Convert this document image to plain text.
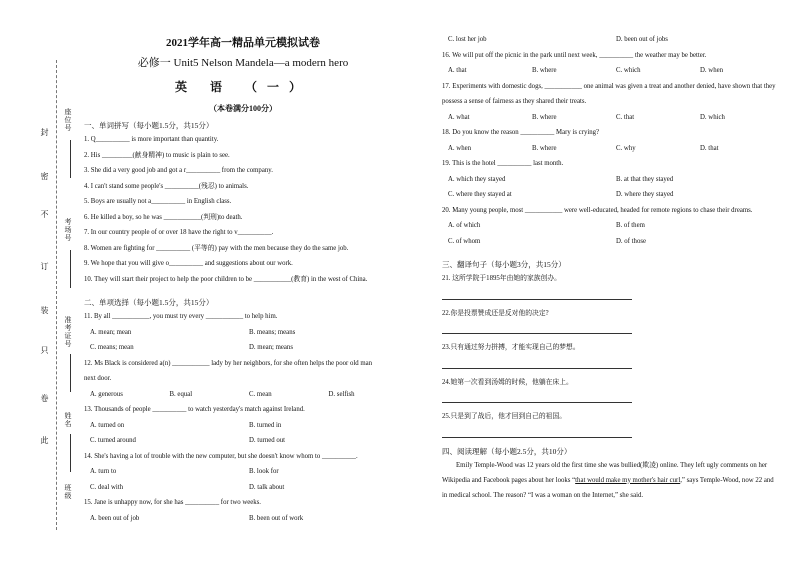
封
密
不
订
装
只
卷
此
座位号
考场号
准考证号
姓名
班级
2021学年高一精品单元模拟试卷
必修一 Unit5 Nelson Mandela—a modern hero
英 语 （一）
（本卷满分100分）
一、单词拼写（每小题1.5分，共15分）
1. Q__________ is more important than quantity.
2. His _________(献身精神) to music is plain to see.
3. She did a very good job and got a r__________ from the company.
4. I can't stand some people's __________(残忍) to animals.
5. Boys are usually not a__________ in English class.
6. He killed a boy, so he was ___________(判刑)to death.
7. In our country people of or over 18 have the right to v__________.
8. Women are fighting for __________ (平等的) pay with the men because they do the same job.
9. We hope that you will give o__________ and suggestions about our work.
10. They will start their project to help the poor children to be ___________(教育) in the west of China.
二、单项选择（每小题1.5分，共15分）
11. By all ___________, you must try every ___________ to help him.
A. mean; mean	B. means; means
C. means; mean	D. mean; means
12. Ms Black is considered a(n) ___________ lady by her neighbors, for she often helps the poor old man
next door.
A. generous	B. equal	C. mean	D. selfish
13. Thousands of people __________ to watch yesterday's match against Ireland.
A. turned on	B. turned in
C. turned around	D. turned out
14. She's having a lot of trouble with the new computer, but she doesn't know whom to __________.
A. turn to	B. look for
C. deal with	D. talk about
15. Jane is unhappy now, for she has __________ for two weeks.
A. been out of job	B. been out of work
C. lost her job	D. been out of jobs
16. We will put off the picnic in the park until next week, __________ the weather may be better.
A. that	B. where	C. which	D. when
17. Experiments with domestic dogs, ___________ one animal was given a treat and another denied, have shown that they possess a sense of fairness as they shared their treats.
A. what	B. where	C. that	D. which
18. Do you know the reason __________ Mary is crying?
A. when	B. where	C. why	D. that
19. This is the hotel __________ last month.
A. which they stayed	B. at that they stayed
C. where they stayed at	D. where they stayed
20. Many young people, most ___________ were well-educated, headed for remote regions to chase their dreams.
A. of which	B. of them
C. of whom	D. of those
三、翻译句子（每小题3分，共15分）
21. 这所学院于1895年由她的家族创办。
22.你是投票赞成还是反对他的决定?
23.只有通过努力拼搏，才能实现自己的梦想。
24.她第一次看到汤姆的时候，他躺在床上。
25.只是到了战后，他才回到自己的祖国。
四、阅读理解（每小题2.5分，共10分）
Emily Temple-Wood was 12 years old the first time she was bullied(欺凌) online. They left ugly comments on her Wikipedia and Facebook pages about her looks “that would make my mother's hair curl,” says Temple-Wood, now 22 and in medical school. The reason? “I was a woman on the Internet,” she said.
